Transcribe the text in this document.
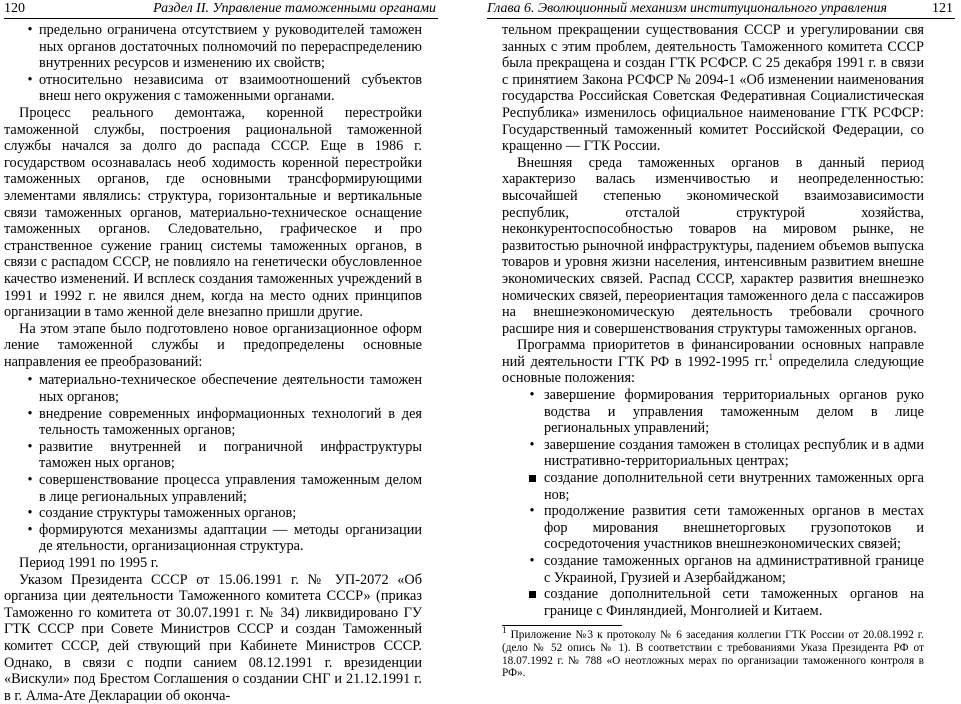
120	Раздел II. Управление таможенными органами
• предельно ограничена отсутствием у руководителей таможен ных органов достаточных полномочий по перераспределению внутренних ресурсов и изменению их свойств;
• относительно независима от взаимоотношений субъектов внеш него окружения с таможенными органами.

Процесс реального демонтажа, коренной перестройки таможенной службы, построения рациональной таможенной службы начался за долго до распада СССР. Еще в 1986 г. государством осознавалась необ ходимость коренной перестройки таможенных органов, где основными трансформирующими элементами являлись: структура, горизонтальные и вертикальные связи таможенных органов, материально-техническое оснащение таможенных органов. Следовательно, графическое и про странственное сужение границ системы таможенных органов, в связи с распадом СССР, не повлияло на генетически обусловленное качество изменений. И всплеск создания таможенных учреждений в 1991 и 1992 г. не явился днем, когда на место одних принципов организации в тамо женной деле внезапно пришли другие.

На этом этапе было подготовлено новое организационное оформ ление таможенной службы и предопределены основные направления ее преобразований:

• материально-техническое обеспечение деятельности таможен ных органов;
• внедрение современных информационных технологий в дея тельность таможенных органов;
• развитие внутренней и пограничной инфраструктуры таможен ных органов;
• совершенствование процесса управления таможенным делом в лице региональных управлений;
• создание структуры таможенных органов;
• формируются механизмы адаптации — методы организации де ятельности, организационная структура.

Период 1991 по 1995 г.

Указом Президента СССР от 15.06.1991 г. № УП-2072 «Об организа ции деятельности Таможенного комитета СССР» (приказ Таможенно го комитета от 30.07.1991 г. № 34) ликвидировано ГУ ГТК СССР при Совете Министров СССР и создан Таможенный комитет СССР, дей ствующий при Кабинете Министров СССР. Однако, в связи с подпи санием 08.12.1991 г. врезиденции «Вискули» под Брестом Соглашения о создании СНГ и 21.12.1991 г. в г. Алма-Ате Декларации об оконча-

Глава 6. Эволюционный механизм институционального управления	121

тельном прекращении существования СССР и урегулировании свя занных с этим проблем, деятельность Таможенного комитета СССР была прекращена и создан ГТК РСФСР. С 25 декабря 1991 г. в связи с принятием Закона РСФСР № 2094-1 «Об изменении наименования государства Российская Советская Федеративная Социалистическая Республика» изменилось официальное наименование ГТК РСФСР: Государственный таможенный комитет Российской Федерации, со кращенно — ГТК России.

Внешняя среда таможенных органов в данный период характеризо валась изменчивостью и неопределенностью: высочайшей степенью экономической взаимозависимости республик, отсталой структурой хозяйства, неконкурентоспособностью товаров на мировом рынке, не развитостью рыночной инфраструктуры, падением объемов выпуска товаров и уровня жизни населения, интенсивным развитием внешне экономических связей. Распад СССР, характер развития внешнеэко номических связей, переориентация таможенного дела с пассажиров на внешнеэкономическую деятельность требовали срочного расшире ния и совершенствования структуры таможенных органов.

Программа приоритетов в финансировании основных направле ний деятельности ГТК РФ в 1992-1995 гг.$^1$ определила следующие основные положения:

• завершение формирования территориальных органов руко водства и управления таможенным делом в лице региональных управлений;
• завершение создания таможен в столицах республик и в адми нистративно-территориальных центрах;
создание дополнительной сети внутренних таможенных орга нов;
• продолжение развития сети таможенных органов в местах фор мирования внешнеторговых грузопотоков и сосредоточения участников внешнеэкономических связей;
• создание таможенных органов на административной границе с Украиной, Грузией и Азербайджаном;
создание дополнительной сети таможенных органов на границе с Финляндией, Монголией и Китаем.

$^1$ Приложение №3 к протоколу № 6 заседания коллегии ГТК России от 20.08.1992 г. (дело № 52 опись № 1). В соответствии с требованиями Указа Президента РФ от 18.07.1992 г. № 788 «О неотложных мерах по организации таможенного контроля в РФ».
